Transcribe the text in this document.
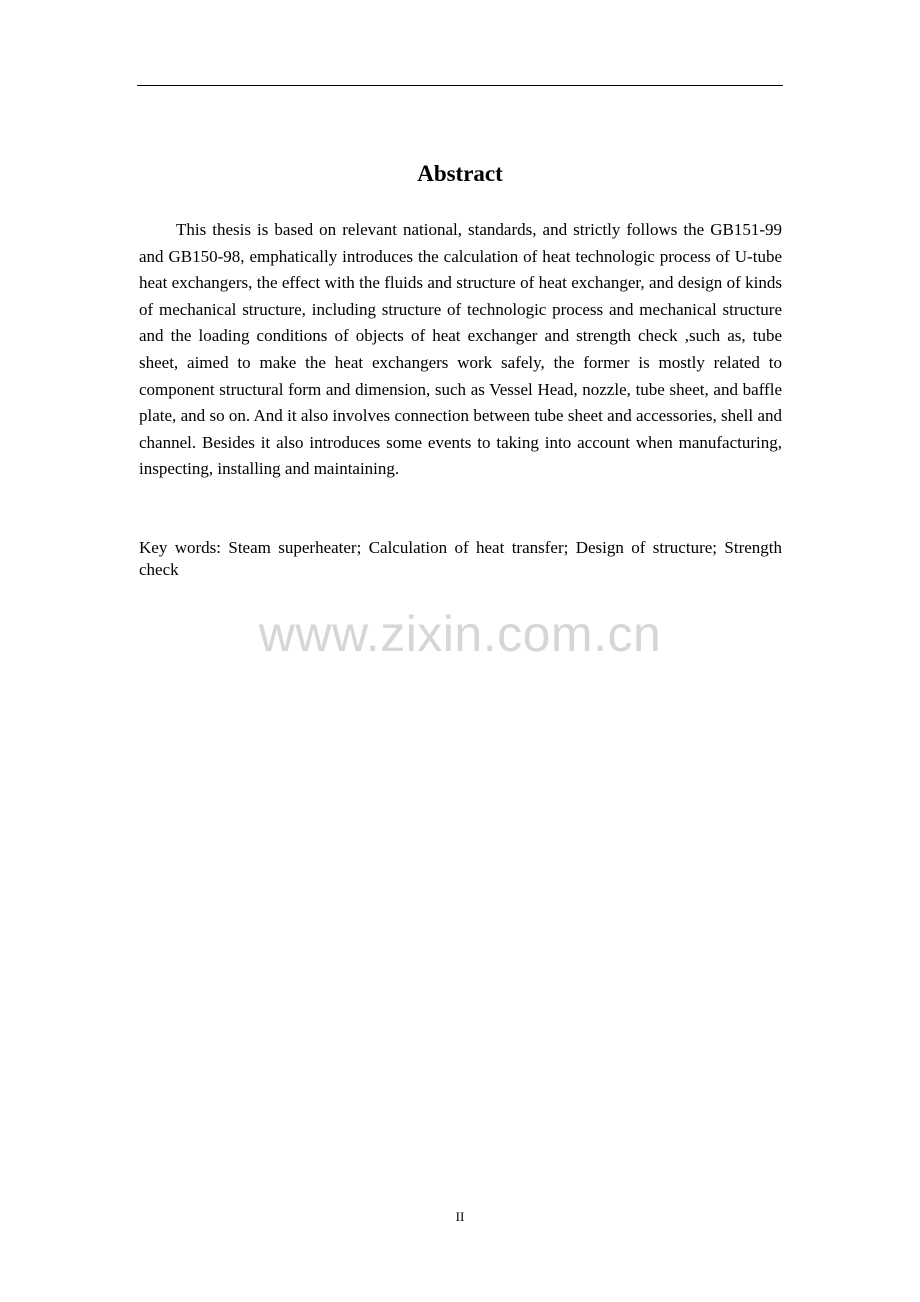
Abstract

This thesis is based on relevant national, standards, and strictly follows the GB151-99 and GB150-98, emphatically introduces the calculation of heat technologic process of U-tube heat exchangers, the effect with the fluids and structure of heat exchanger, and design of kinds of mechanical structure, including structure of technologic process and mechanical structure and the loading conditions of objects of heat exchanger and strength check ,such as, tube sheet, aimed to make the heat exchangers work safely, the former is mostly related to component structural form and dimension, such as Vessel Head, nozzle, tube sheet, and baffle plate, and so on. And it also involves connection between tube sheet and accessories, shell and channel. Besides it also introduces some events to taking into account when manufacturing, inspecting, installing and maintaining.

Key words: Steam superheater; Calculation of heat transfer; Design of structure; Strength check

www.zixin.com.cn
II
